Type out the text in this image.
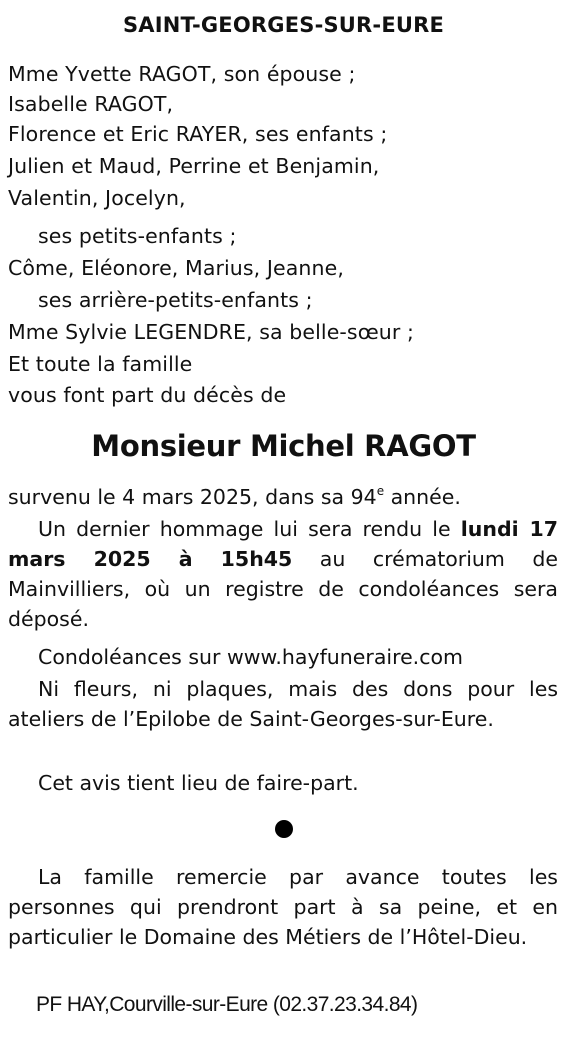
SAINT-GEORGES-SUR-EURE
Mme Yvette RAGOT, son épouse ;
Isabelle RAGOT,
Florence et Eric RAYER, ses enfants ;
Julien et Maud, Perrine et Benjamin,
Valentin, Jocelyn,
ses petits-enfants ;
Côme, Eléonore, Marius, Jeanne,
ses arrière-petits-enfants ;
Mme Sylvie LEGENDRE, sa belle-sœur ;
Et toute la famille
vous font part du décès de
Monsieur Michel RAGOT
survenu le 4 mars 2025, dans sa 94e année.
Un dernier hommage lui sera rendu le lundi 17 mars 2025 à 15h45 au crématorium de Mainvilliers, où un registre de condoléances sera déposé.
Condoléances sur www.hayfuneraire.com
Ni fleurs, ni plaques, mais des dons pour les ateliers de l’Epilobe de Saint-Georges-sur-Eure.
Cet avis tient lieu de faire-part.
La famille remercie par avance toutes les personnes qui prendront part à sa peine, et en particulier le Domaine des Métiers de l’Hôtel-Dieu.
PF HAY,Courville-sur-Eure (02.37.23.34.84)
